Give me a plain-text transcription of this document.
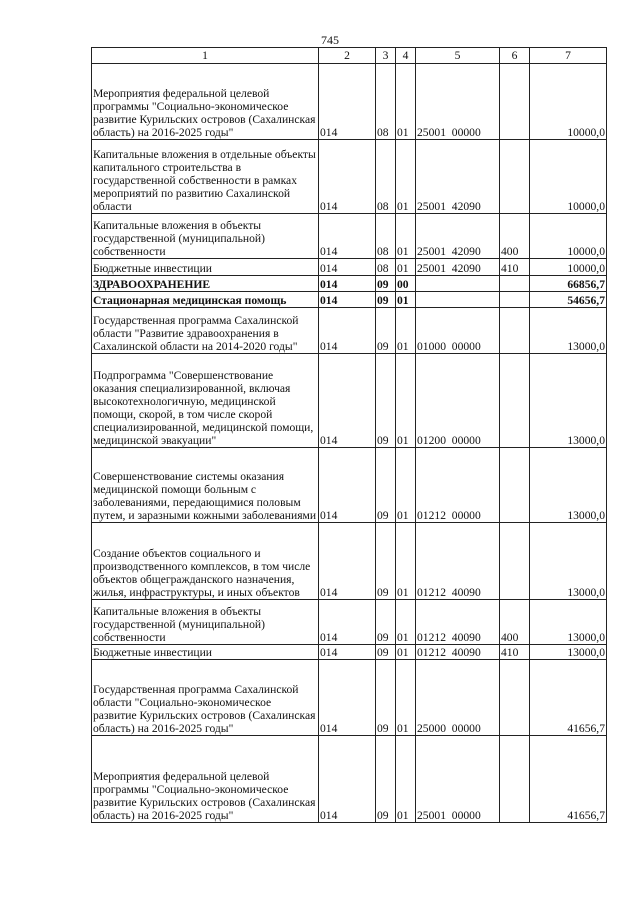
745
1	2	3	4	5	6	7
Мероприятия федеральной целевой программы "Социально-экономическое развитие Курильских островов (Сахалинская область) на 2016-2025 годы"	014	08	01	25001  00000		10000,0
Капитальные вложения в отдельные объекты капитального строительства в государственной собственности в рамках мероприятий по развитию Сахалинской области	014	08	01	25001  42090		10000,0
Капитальные вложения в объекты государственной (муниципальной) собственности	014	08	01	25001  42090	400	10000,0
Бюджетные инвестиции	014	08	01	25001  42090	410	10000,0
ЗДРАВООХРАНЕНИЕ	014	09	00			66856,7
Стационарная медицинская помощь	014	09	01			54656,7
Государственная программа Сахалинской области "Развитие здравоохранения в Сахалинской области на 2014-2020 годы"	014	09	01	01000  00000		13000,0
Подпрограмма "Совершенствование оказания специализированной, включая высокотехнологичную, медицинской помощи, скорой, в том числе скорой специализированной, медицинской помощи, медицинской эвакуации"	014	09	01	01200  00000		13000,0
Совершенствование системы оказания медицинской помощи больным с заболеваниями, передающимися половым путем, и заразными кожными заболеваниями	014	09	01	01212  00000		13000,0
Создание объектов социального и производственного комплексов, в том числе объектов общегражданского назначения, жилья, инфраструктуры, и иных объектов	014	09	01	01212  40090		13000,0
Капитальные вложения в объекты государственной (муниципальной) собственности	014	09	01	01212  40090	400	13000,0
Бюджетные инвестиции	014	09	01	01212  40090	410	13000,0
Государственная программа Сахалинской области "Социально-экономическое развитие Курильских островов (Сахалинская область) на 2016-2025 годы"	014	09	01	25000  00000		41656,7
Мероприятия федеральной целевой программы "Социально-экономическое развитие Курильских островов (Сахалинская область) на 2016-2025 годы"	014	09	01	25001  00000		41656,7
